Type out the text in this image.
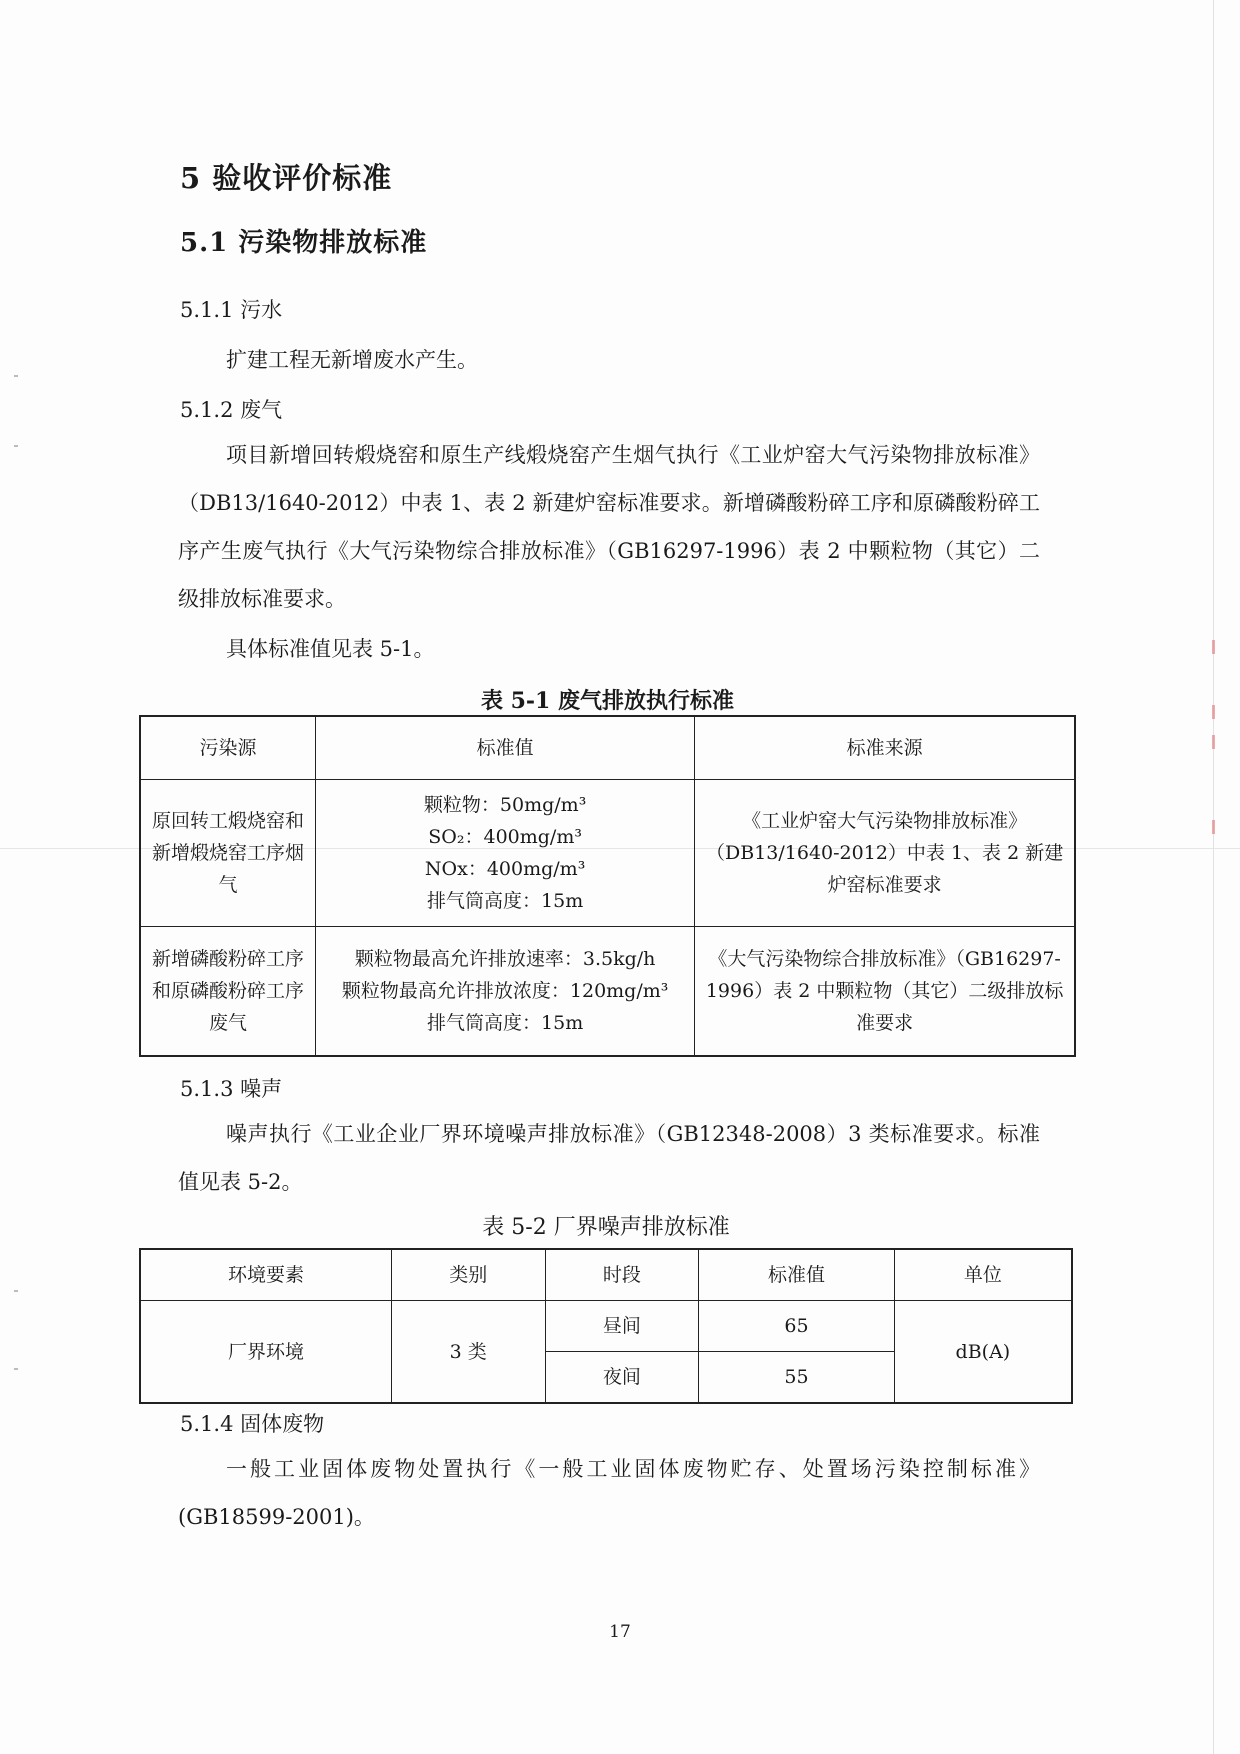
5 验收评价标准
5.1 污染物排放标准
5.1.1 污水
扩建工程无新增废水产生。
5.1.2 废气
项目新增回转煅烧窑和原生产线煅烧窑产生烟气执行《工业炉窑大气污染物排放标准》（DB13/1640-2012）中表 1、表 2 新建炉窑标准要求。新增磷酸粉碎工序和原磷酸粉碎工序产生废气执行《大气污染物综合排放标准》（GB16297-1996）表 2 中颗粒物（其它）二级排放标准要求。
具体标准值见表 5-1。
表 5-1 废气排放执行标准
污染源	标准值	标准来源
原回转工煅烧窑和新增煅烧窑工序烟气	颗粒物：50mg/m³
SO₂：400mg/m³
NOx：400mg/m³
排气筒高度：15m	《工业炉窑大气污染物排放标准》（DB13/1640-2012）中表 1、表 2 新建炉窑标准要求
新增磷酸粉碎工序和原磷酸粉碎工序废气	颗粒物最高允许排放速率：3.5kg/h
颗粒物最高允许排放浓度：120mg/m³
排气筒高度：15m	《大气污染物综合排放标准》（GB16297-1996）表 2 中颗粒物（其它）二级排放标准要求
5.1.3 噪声
噪声执行《工业企业厂界环境噪声排放标准》（GB12348-2008）3 类标准要求。标准值见表 5-2。
表 5-2 厂界噪声排放标准
环境要素	类别	时段	标准值	单位
厂界环境	3 类	昼间	65	dB(A)
		夜间	55	
5.1.4 固体废物
一般工业固体废物处置执行《一般工业固体废物贮存、处置场污染控制标准》(GB18599-2001)。
17
